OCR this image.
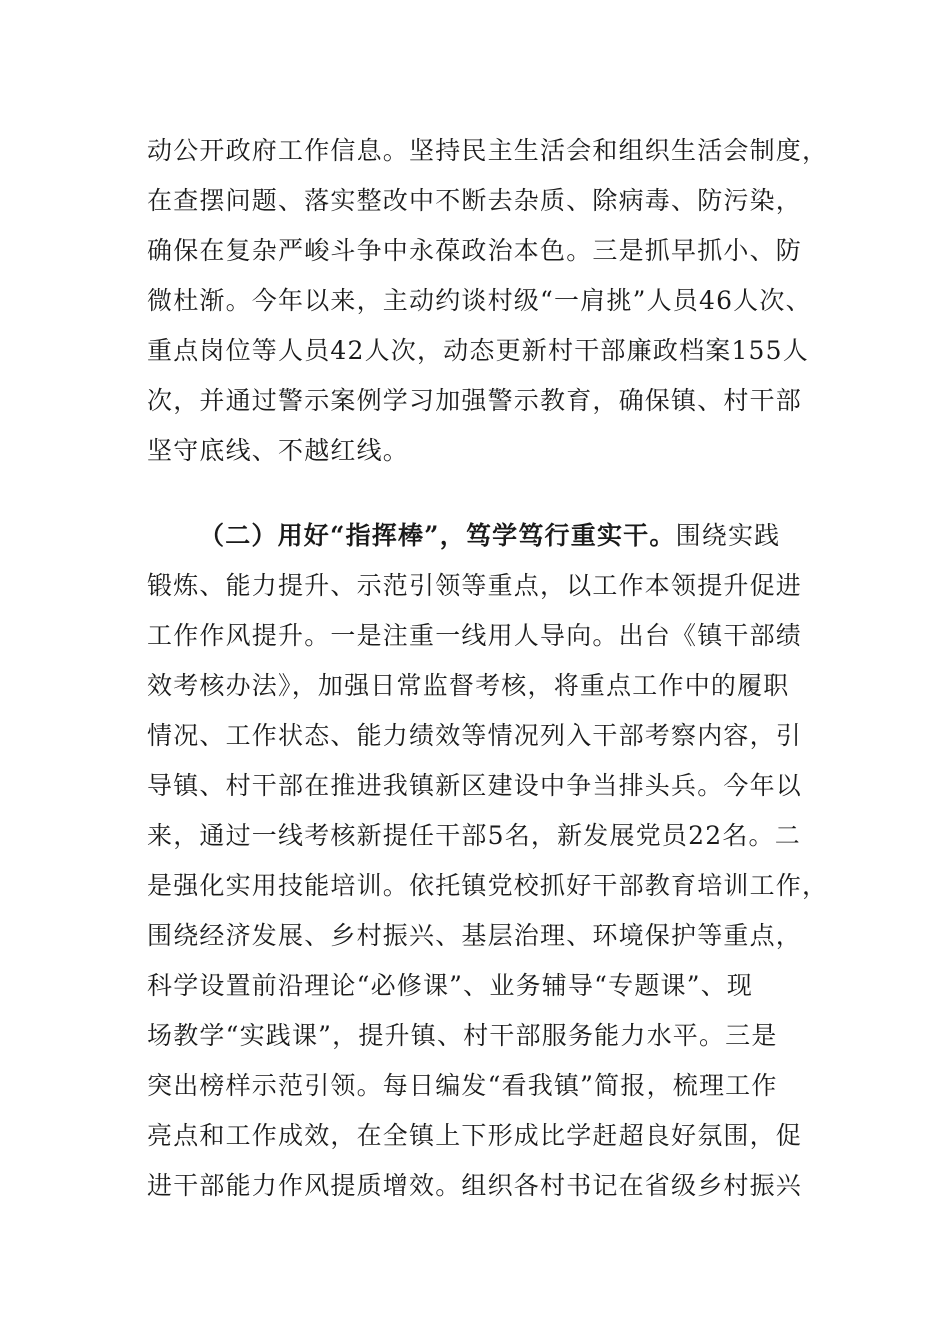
动公开政府工作信息。坚持民主生活会和组织生活会制度，
在查摆问题、落实整改中不断去杂质、除病毒、防污染，
确保在复杂严峻斗争中永葆政治本色。三是抓早抓小、防
微杜渐。今年以来，主动约谈村级“一肩挑”人员46人次、
重点岗位等人员42人次，动态更新村干部廉政档案155人
次，并通过警示案例学习加强警示教育，确保镇、村干部
坚守底线、不越红线。
（二）用好“指挥棒”，笃学笃行重实干。围绕实践
锻炼、能力提升、示范引领等重点，以工作本领提升促进
工作作风提升。一是注重一线用人导向。出台《镇干部绩
效考核办法》，加强日常监督考核，将重点工作中的履职
情况、工作状态、能力绩效等情况列入干部考察内容，引
导镇、村干部在推进我镇新区建设中争当排头兵。今年以
来，通过一线考核新提任干部5名，新发展党员22名。二
是强化实用技能培训。依托镇党校抓好干部教育培训工作，
围绕经济发展、乡村振兴、基层治理、环境保护等重点，
科学设置前沿理论“必修课”、业务辅导“专题课”、现
场教学“实践课”，提升镇、村干部服务能力水平。三是
突出榜样示范引领。每日编发“看我镇”简报，梳理工作
亮点和工作成效，在全镇上下形成比学赶超良好氛围，促
进干部能力作风提质增效。组织各村书记在省级乡村振兴
